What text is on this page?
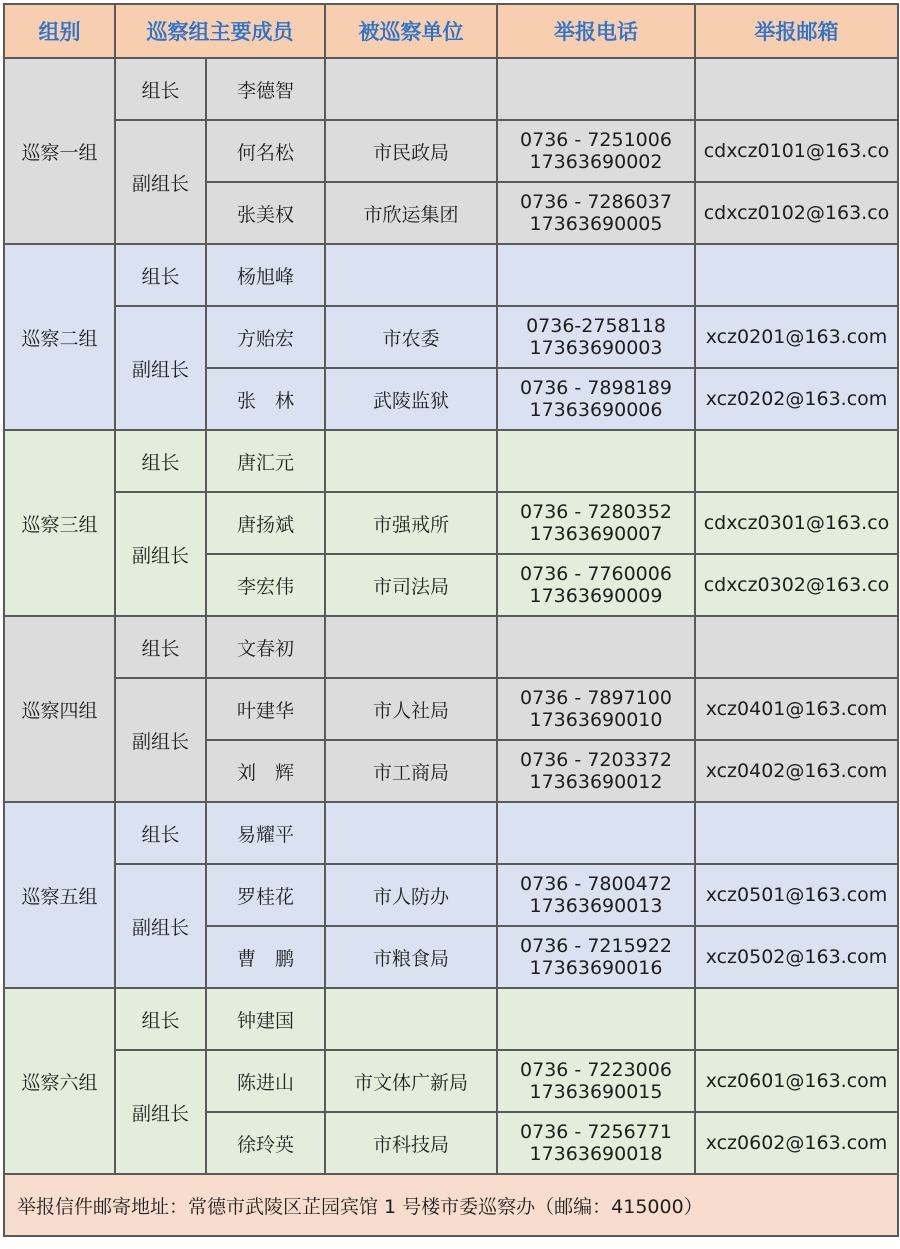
组别	巡察组主要成员		被巡察单位	举报电话	举报邮箱
巡察一组	组长	李德智			
	副组长	何名松	市民政局	0736 - 7251006
17363690002	cdxcz0101@163.co
		张美权	市欣运集团	0736 - 7286037
17363690005	cdxcz0102@163.co
巡察二组	组长	杨旭峰			
	副组长	方贻宏	市农委	0736-2758118
17363690003	xcz0201@163.com
		张　林	武陵监狱	0736 - 7898189
17363690006	xcz0202@163.com
巡察三组	组长	唐汇元			
	副组长	唐扬斌	市强戒所	0736 - 7280352
17363690007	cdxcz0301@163.co
		李宏伟	市司法局	0736 - 7760006
17363690009	cdxcz0302@163.co
巡察四组	组长	文春初			
	副组长	叶建华	市人社局	0736 - 7897100
17363690010	xcz0401@163.com
		刘　辉	市工商局	0736 - 7203372
17363690012	xcz0402@163.com
巡察五组	组长	易耀平			
	副组长	罗桂花	市人防办	0736 - 7800472
17363690013	xcz0501@163.com
		曹　鹏	市粮食局	0736 - 7215922
17363690016	xcz0502@163.com
巡察六组	组长	钟建国			
	副组长	陈进山	市文体广新局	0736 - 7223006
17363690015	xcz0601@163.com
		徐玲英	市科技局	0736 - 7256771
17363690018	xcz0602@163.com
举报信件邮寄地址：常德市武陵区芷园宾馆 1 号楼市委巡察办（邮编：415000）					
